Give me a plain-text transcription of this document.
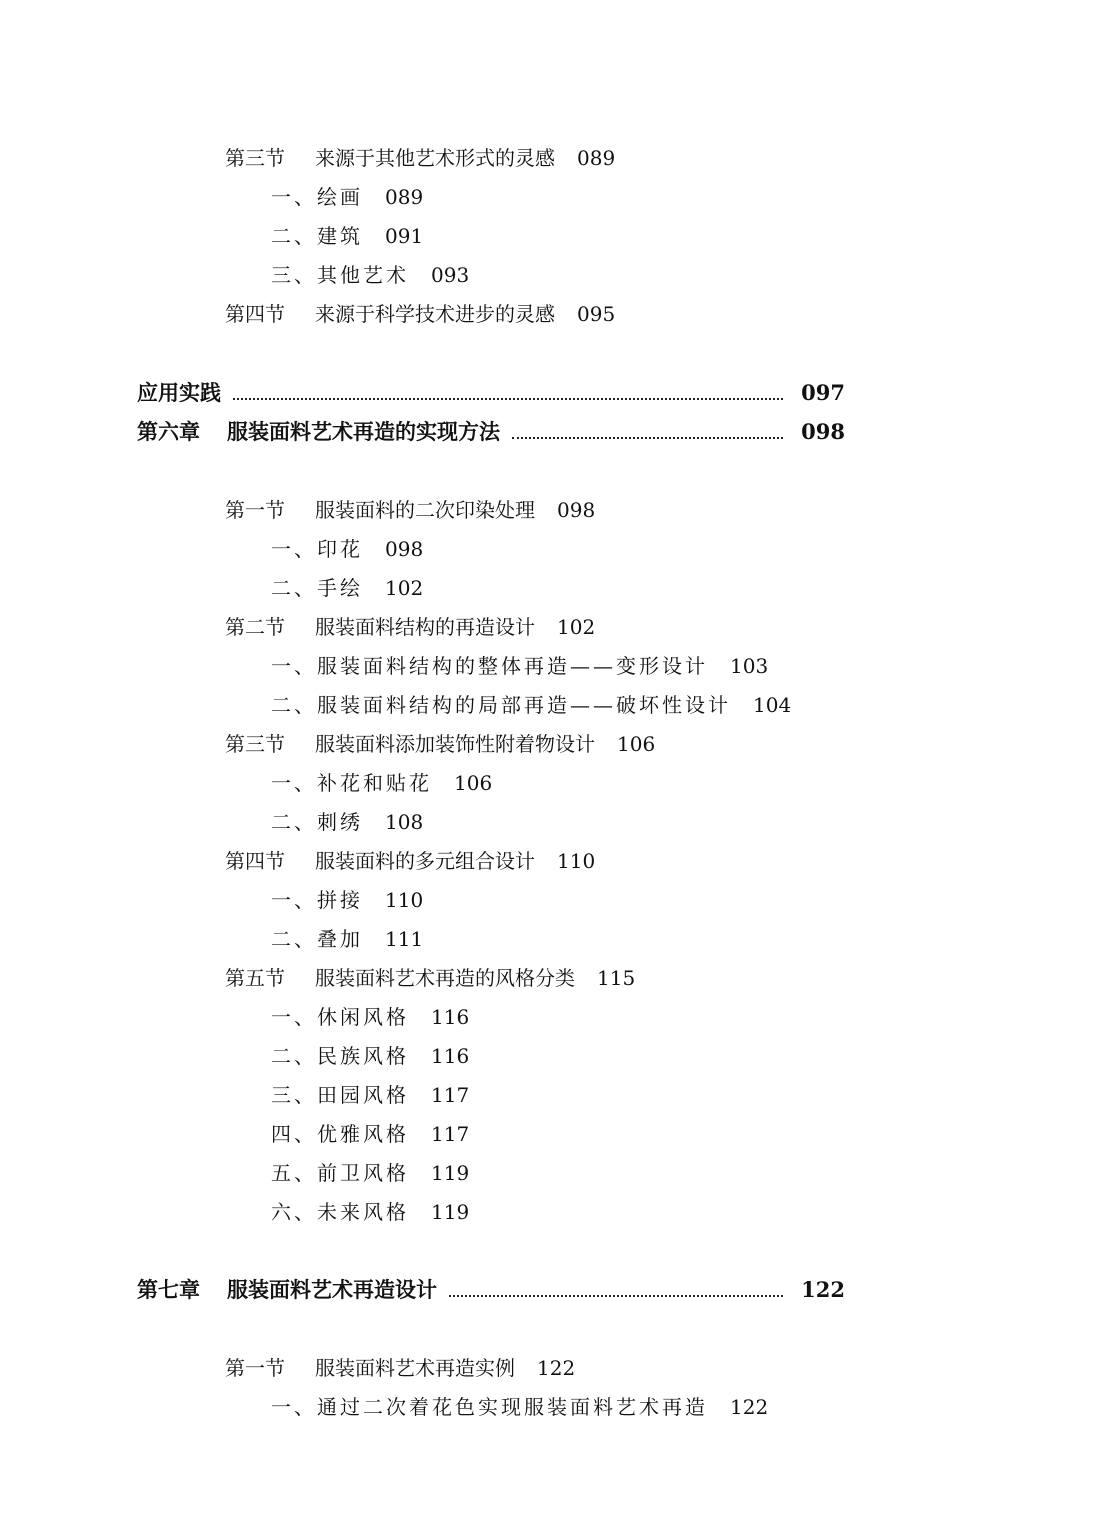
第三节 来源于其他艺术形式的灵感 089
一、绘画 089
二、建筑 091
三、其他艺术 093
第四节 来源于科学技术进步的灵感 095
应用实践	097
第六章	服装面料艺术再造的实现方法	098
第一节 服装面料的二次印染处理 098
一、印花 098
二、手绘 102
第二节 服装面料结构的再造设计 102
一、服装面料结构的整体再造——变形设计 103
二、服装面料结构的局部再造——破坏性设计 104
第三节 服装面料添加装饰性附着物设计 106
一、补花和贴花 106
二、刺绣 108
第四节 服装面料的多元组合设计 110
一、拼接 110
二、叠加 111
第五节 服装面料艺术再造的风格分类 115
一、休闲风格 116
二、民族风格 116
三、田园风格 117
四、优雅风格 117
五、前卫风格 119
六、未来风格 119
第七章	服装面料艺术再造设计	122
第一节 服装面料艺术再造实例 122
一、通过二次着花色实现服装面料艺术再造 122
